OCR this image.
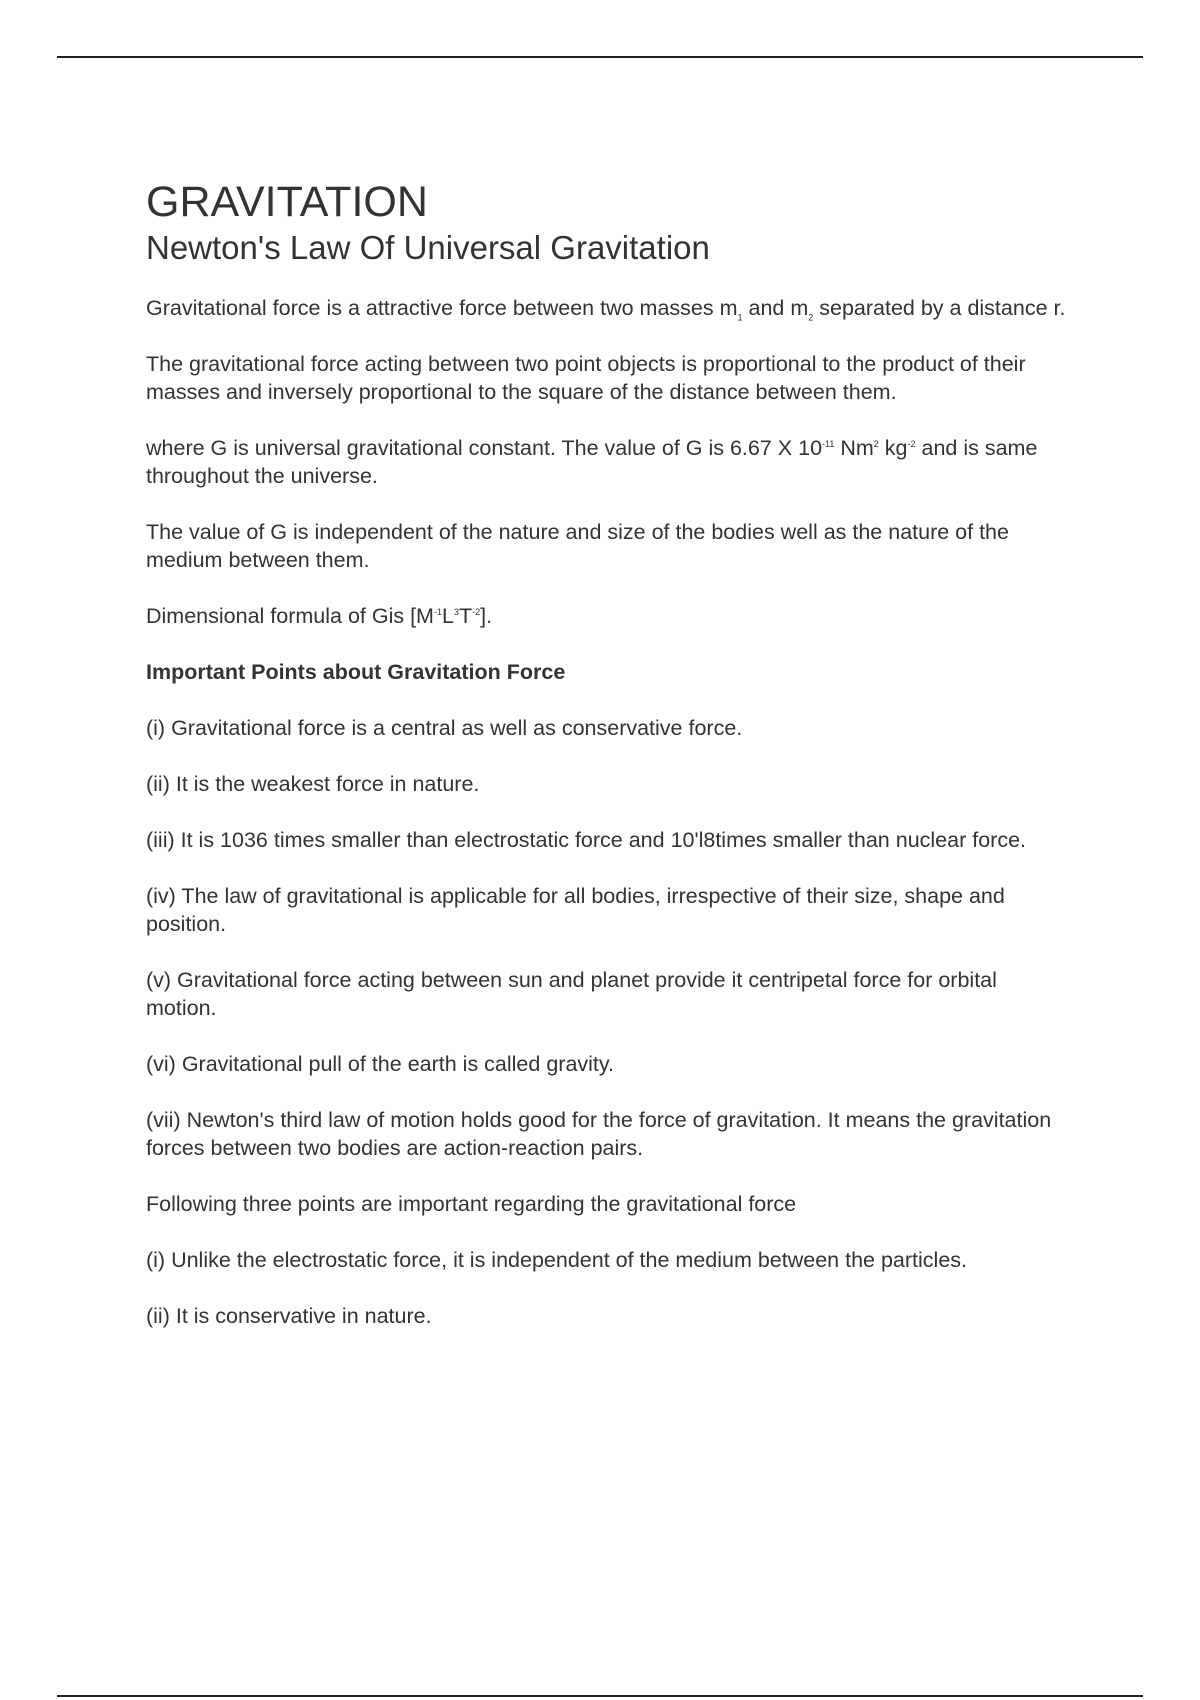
GRAVITATION
Newton's Law Of Universal Gravitation

Gravitational force is a attractive force between two masses $m_1$ and $m_2$ separated by a distance r.

The gravitational force acting between two point objects is proportional to the product of their masses and inversely proportional to the square of the distance between them.

where G is universal gravitational constant. The value of G is 6.67 X $10^{-11}$ Nm$^2$ $kg^{-2}$ and is same throughout the universe.

The value of G is independent of the nature and size of the bodies well as the nature of the medium between them.

Dimensional formula of Gis $[M^{-1}L^3T^{-2}]$.

Important Points about Gravitation Force

(i) Gravitational force is a central as well as conservative force.

(ii) It is the weakest force in nature.

(iii) It is 1036 times smaller than electrostatic force and 10'l8times smaller than nuclear force.

(iv) The law of gravitational is applicable for all bodies, irrespective of their size, shape and position.

(v) Gravitational force acting between sun and planet provide it centripetal force for orbital motion.

(vi) Gravitational pull of the earth is called gravity.

(vii) Newton's third law of motion holds good for the force of gravitation. It means the gravitation forces between two bodies are action-reaction pairs.

Following three points are important regarding the gravitational force

(i) Unlike the electrostatic force, it is independent of the medium between the particles.

(ii) It is conservative in nature.
